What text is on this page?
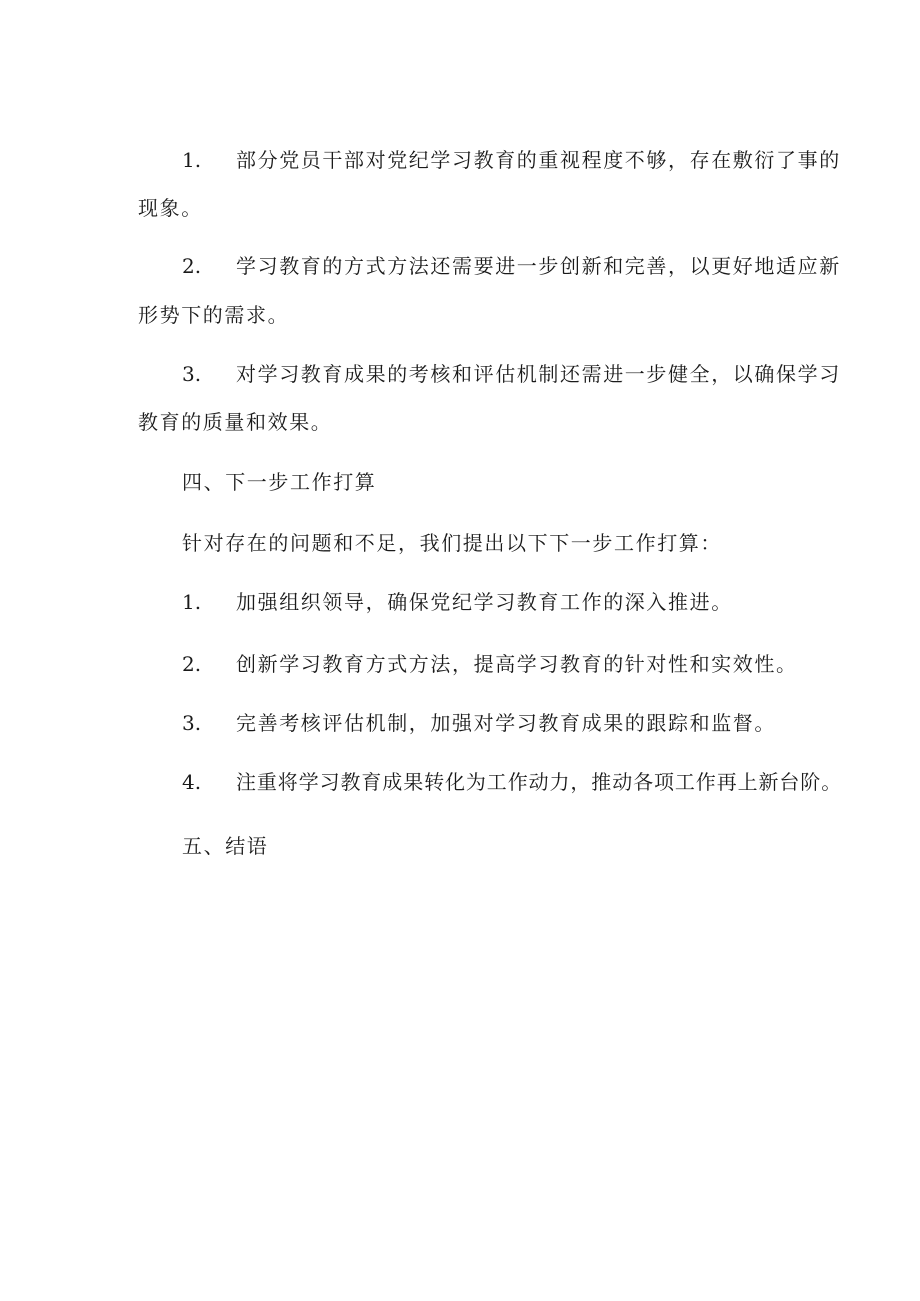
1. 部分党员干部对党纪学习教育的重视程度不够，存在敷衍了事的
现象。
2. 学习教育的方式方法还需要进一步创新和完善，以更好地适应新
形势下的需求。
3. 对学习教育成果的考核和评估机制还需进一步健全，以确保学习
教育的质量和效果。
四、下一步工作打算
针对存在的问题和不足，我们提出以下下一步工作打算：
1. 加强组织领导，确保党纪学习教育工作的深入推进。
2. 创新学习教育方式方法，提高学习教育的针对性和实效性。
3. 完善考核评估机制，加强对学习教育成果的跟踪和监督。
4. 注重将学习教育成果转化为工作动力，推动各项工作再上新台阶。
五、结语
